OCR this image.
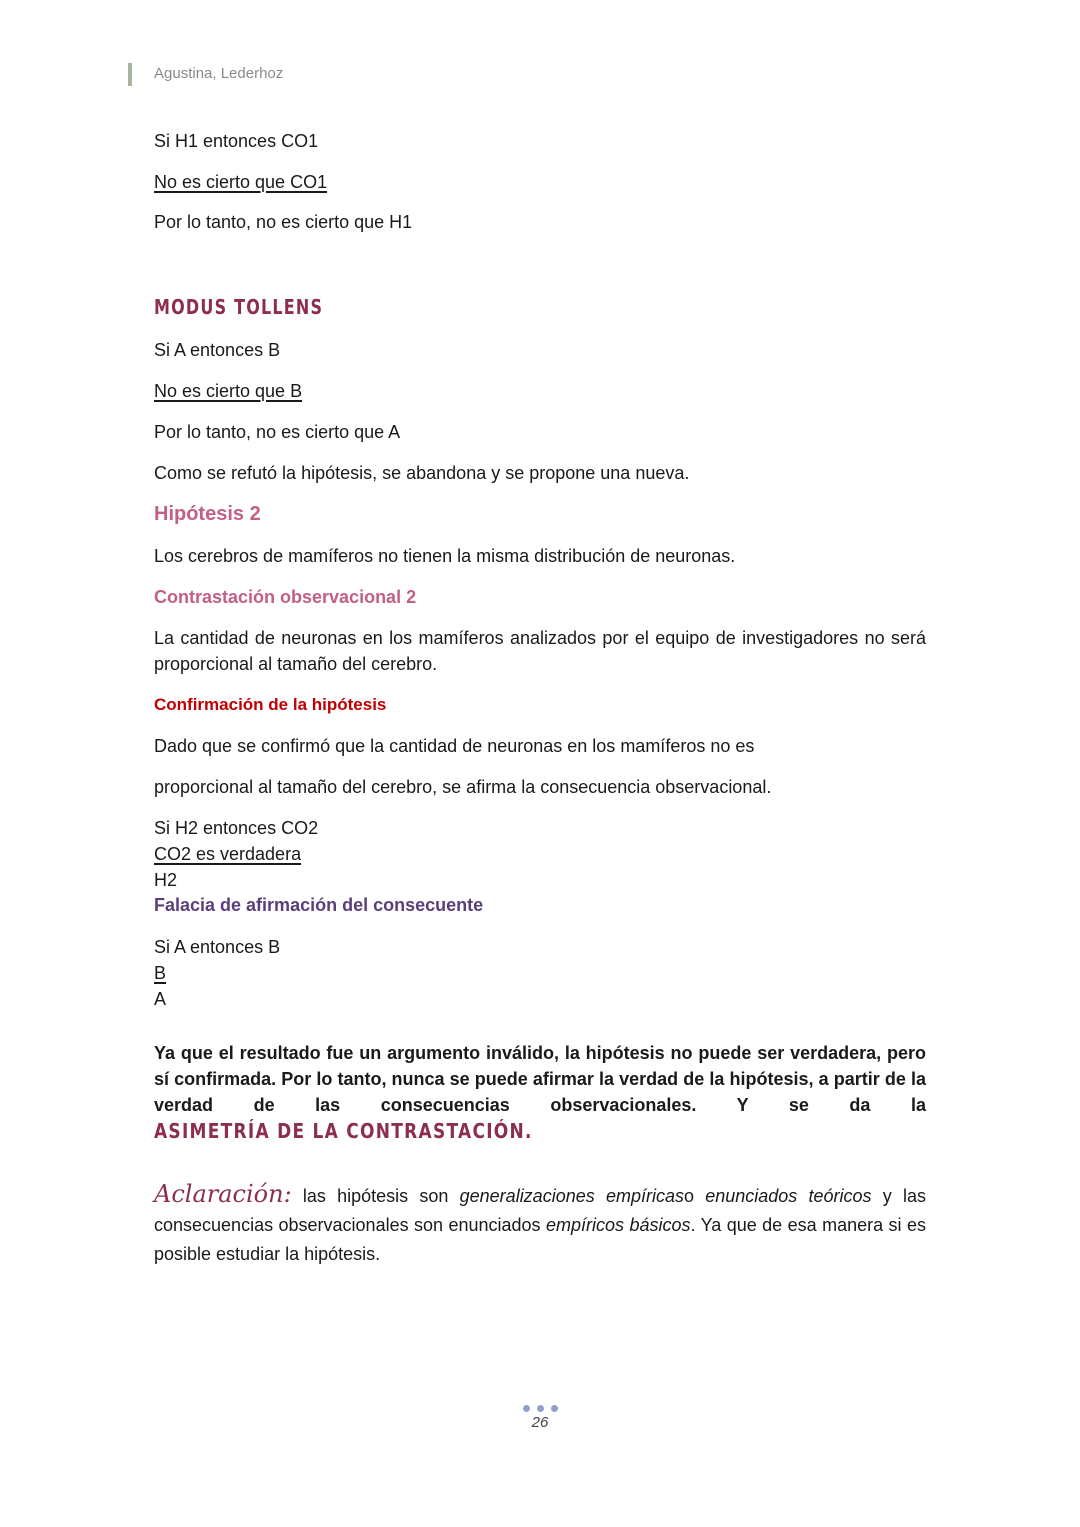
Agustina, Lederhoz
Si H1 entonces CO1
No es cierto que CO1
Por lo tanto, no es cierto que H1
MODUS TOLLENS
Si A entonces B
No es cierto que B
Por lo tanto, no es cierto que A
Como se refutó la hipótesis, se abandona y se propone una nueva.
Hipótesis 2
Los cerebros de mamíferos no tienen la misma distribución de neuronas.
Contrastación observacional 2
La cantidad de neuronas en los mamíferos analizados por el equipo de investigadores no será proporcional al tamaño del cerebro.
Confirmación de la hipótesis
Dado que se confirmó que la cantidad de neuronas en los mamíferos no es
proporcional al tamaño del cerebro, se afirma la consecuencia observacional.
Si H2 entonces CO2
CO2 es verdadera
H2
Falacia de afirmación del consecuente
Si A entonces B
B
A
Ya que el resultado fue un argumento inválido, la hipótesis no puede ser verdadera, pero sí confirmada. Por lo tanto, nunca se puede afirmar la verdad de la hipótesis, a partir de la verdad de las consecuencias observacionales. Y se da la ASIMETRÍA DE LA CONTRASTACIÓN.
Aclaración: las hipótesis son generalizaciones empíricaso enunciados teóricos y las consecuencias observacionales son enunciados empíricos básicos. Ya que de esa manera si es posible estudiar la hipótesis.
26
